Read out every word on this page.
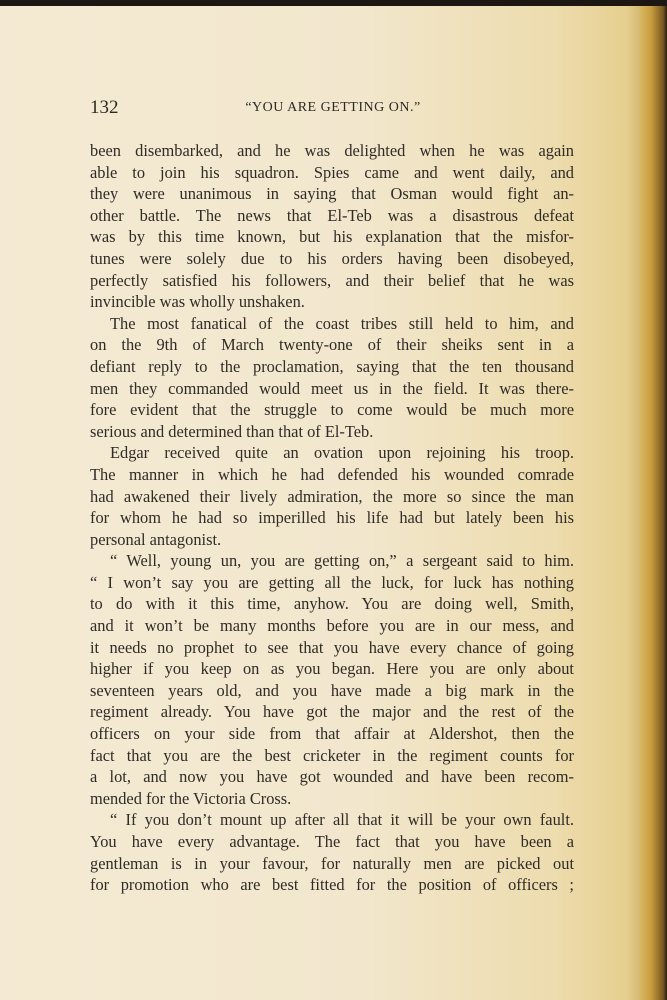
132	“YOU ARE GETTING ON.”
been disembarked, and he was delighted when he was again
able to join his squadron. Spies came and went daily, and
they were unanimous in saying that Osman would fight an-
other battle. The news that El-Teb was a disastrous defeat
was by this time known, but his explanation that the misfor-
tunes were solely due to his orders having been disobeyed,
perfectly satisfied his followers, and their belief that he was
invincible was wholly unshaken.
The most fanatical of the coast tribes still held to him, and
on the 9th of March twenty-one of their sheiks sent in a
defiant reply to the proclamation, saying that the ten thousand
men they commanded would meet us in the field. It was there-
fore evident that the struggle to come would be much more
serious and determined than that of El-Teb.
Edgar received quite an ovation upon rejoining his troop.
The manner in which he had defended his wounded comrade
had awakened their lively admiration, the more so since the man
for whom he had so imperilled his life had but lately been his
personal antagonist.
“ Well, young un, you are getting on,” a sergeant said to him.
“ I won’t say you are getting all the luck, for luck has nothing
to do with it this time, anyhow. You are doing well, Smith,
and it won’t be many months before you are in our mess, and
it needs no prophet to see that you have every chance of going
higher if you keep on as you began. Here you are only about
seventeen years old, and you have made a big mark in the
regiment already. You have got the major and the rest of the
officers on your side from that affair at Aldershot, then the
fact that you are the best cricketer in the regiment counts for
a lot, and now you have got wounded and have been recom-
mended for the Victoria Cross.
“ If you don’t mount up after all that it will be your own fault.
You have every advantage. The fact that you have been a
gentleman is in your favour, for naturally men are picked out
for promotion who are best fitted for the position of officers ;
